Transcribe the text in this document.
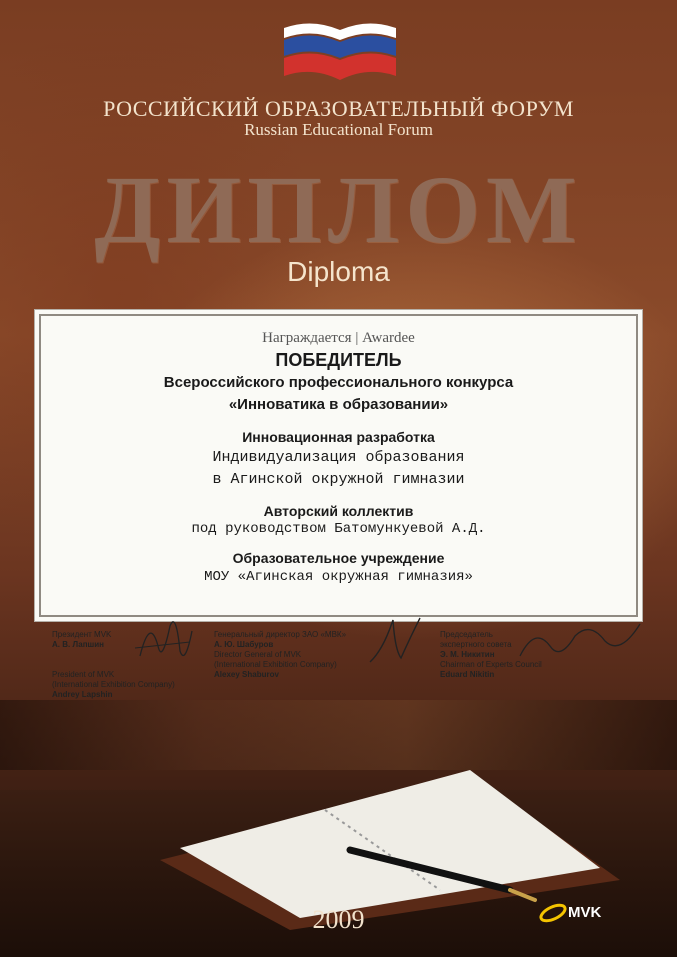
РОССИЙСКИЙ ОБРАЗОВАТЕЛЬНЫЙ ФОРУМ
Russian Educational Forum
ДИПЛОМ
Diploma
Награждается | Awardee
ПОБЕДИТЕЛЬ
Всероссийского профессионального конкурса
«Инноватика в образовании»
Инновационная разработка
Индивидуализация образования
в Агинской окружной гимназии
Авторский коллектив
под руководством Батомункуевой А.Д.
Образовательное учреждение
МОУ «Агинская окружная гимназия»
Президент MVK
А. В. Лапшин
President of MVK
(International Exhibition Company)
Andrey Lapshin
Генеральный директор ЗАО «МВК»
А. Ю. Шабуров
Director General of MVK
(International Exhibition Company)
Alexey Shaburov
Председатель
экспертного совета
Э. М. Никитин
Chairman of Experts Council
Eduard Nikitin
2009	MVK
